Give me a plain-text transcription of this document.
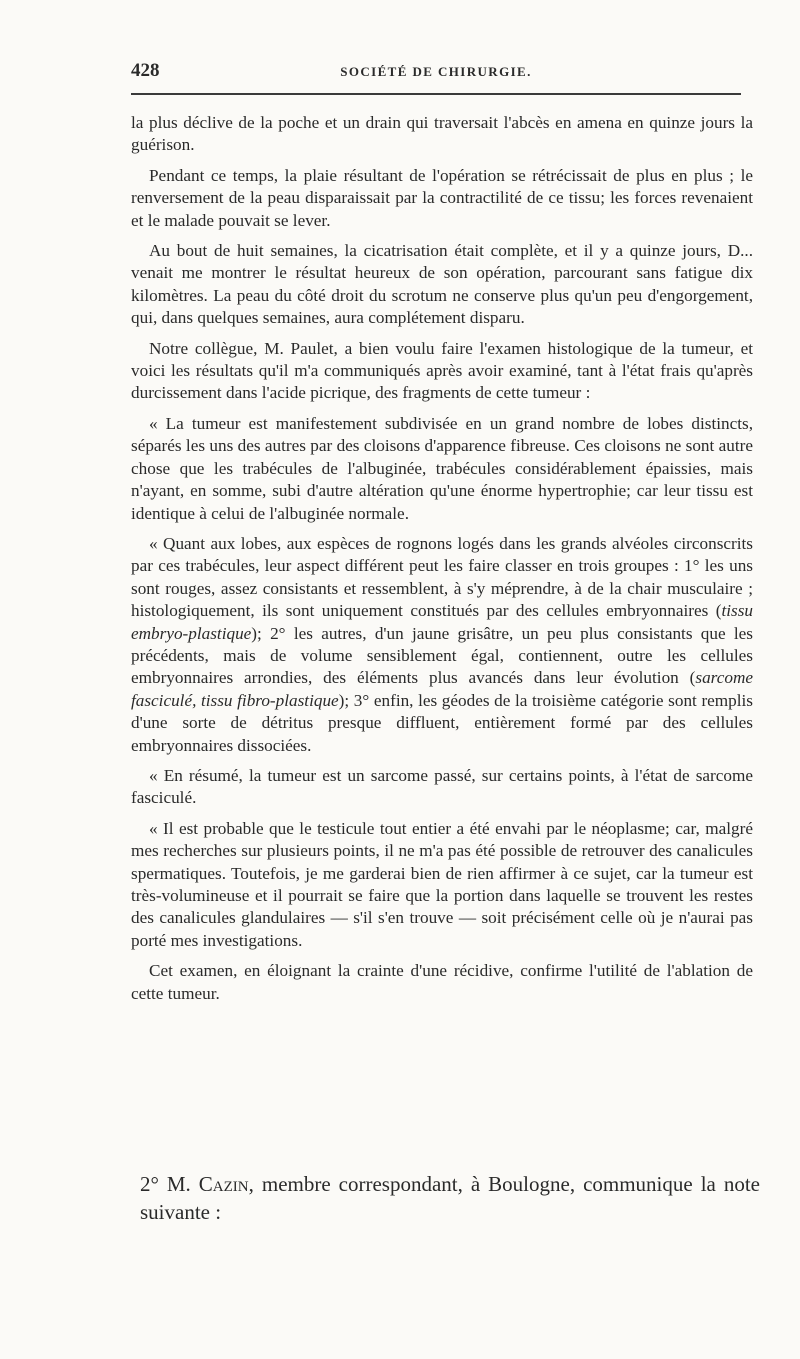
428	SOCIÉTÉ DE CHIRURGIE.

la plus déclive de la poche et un drain qui traversait l'abcès en amena en quinze jours la guérison.

Pendant ce temps, la plaie résultant de l'opération se rétrécissait de plus en plus ; le renversement de la peau disparaissait par la contractilité de ce tissu; les forces revenaient et le malade pouvait se lever.

Au bout de huit semaines, la cicatrisation était complète, et il y a quinze jours, D... venait me montrer le résultat heureux de son opération, parcourant sans fatigue dix kilomètres. La peau du côté droit du scrotum ne conserve plus qu'un peu d'engorgement, qui, dans quelques semaines, aura complétement disparu.

Notre collègue, M. Paulet, a bien voulu faire l'examen histologique de la tumeur, et voici les résultats qu'il m'a communiqués après avoir examiné, tant à l'état frais qu'après durcissement dans l'acide picrique, des fragments de cette tumeur :

« La tumeur est manifestement subdivisée en un grand nombre de lobes distincts, séparés les uns des autres par des cloisons d'apparence fibreuse. Ces cloisons ne sont autre chose que les trabécules de l'albuginée, trabécules considérablement épaissies, mais n'ayant, en somme, subi d'autre altération qu'une énorme hypertrophie; car leur tissu est identique à celui de l'albuginée normale.

« Quant aux lobes, aux espèces de rognons logés dans les grands alvéoles circonscrits par ces trabécules, leur aspect différent peut les faire classer en trois groupes : 1° les uns sont rouges, assez consistants et ressemblent, à s'y méprendre, à de la chair musculaire ; histologiquement, ils sont uniquement constitués par des cellules embryonnaires (tissu embryo-plastique); 2° les autres, d'un jaune grisâtre, un peu plus consistants que les précédents, mais de volume sensiblement égal, contiennent, outre les cellules embryonnaires arrondies, des éléments plus avancés dans leur évolution (sarcome fasciculé, tissu fibro-plastique); 3° enfin, les géodes de la troisième catégorie sont remplis d'une sorte de détritus presque diffluent, entièrement formé par des cellules embryonnaires dissociées.

« En résumé, la tumeur est un sarcome passé, sur certains points, à l'état de sarcome fasciculé.

« Il est probable que le testicule tout entier a été envahi par le néoplasme; car, malgré mes recherches sur plusieurs points, il ne m'a pas été possible de retrouver des canalicules spermatiques. Toutefois, je me garderai bien de rien affirmer à ce sujet, car la tumeur est très-volumineuse et il pourrait se faire que la portion dans laquelle se trouvent les restes des canalicules glandulaires — s'il s'en trouve — soit précisément celle où je n'aurai pas porté mes investigations.

Cet examen, en éloignant la crainte d'une récidive, confirme l'utilité de l'ablation de cette tumeur.

2° M. Cazin, membre correspondant, à Boulogne, communique la note suivante :
